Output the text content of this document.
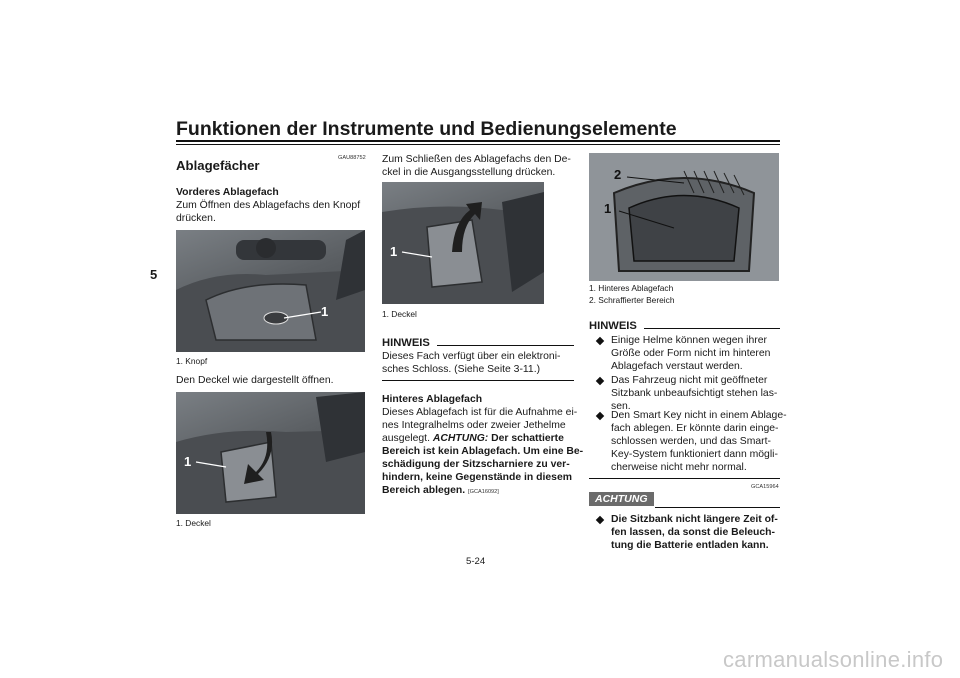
Funktionen der Instrumente und Bedienungselemente
5
Ablagefächer	GAU88752
Vorderes Ablagefach
Zum Öffnen des Ablagefachs den Knopf
drücken.
1
1. Knopf
Den Deckel wie dargestellt öffnen.
1
1. Deckel
Zum Schließen des Ablagefachs den De-
ckel in die Ausgangsstellung drücken.
1
1. Deckel
HINWEIS
Dieses Fach verfügt über ein elektroni-
sches Schloss. (Siehe Seite 3-11.)
Hinteres Ablagefach
Dieses Ablagefach ist für die Aufnahme ei-
nes Integralhelms oder zweier Jethelme
ausgelegt. ACHTUNG: Der schattierte
Bereich ist kein Ablagefach. Um eine Be-
schädigung der Sitzscharniere zu ver-
hindern, keine Gegenstände in diesem
Bereich ablegen. [GCA16092]
2
1
1. Hinteres Ablagefach
2. Schraffierter Bereich
HINWEIS
Einige Helme können wegen ihrer
Größe oder Form nicht im hinteren
Ablagefach verstaut werden.
Das Fahrzeug nicht mit geöffneter
Sitzbank unbeaufsichtigt stehen las-
sen.
Den Smart Key nicht in einem Ablage-
fach ablegen. Er könnte darin einge-
schlossen werden, und das Smart-
Key-System funktioniert dann mögli-
cherweise nicht mehr normal.
GCA15964
ACHTUNG
Die Sitzbank nicht längere Zeit of-
fen lassen, da sonst die Beleuch-
tung die Batterie entladen kann.
5-24
carmanualsonline.info
